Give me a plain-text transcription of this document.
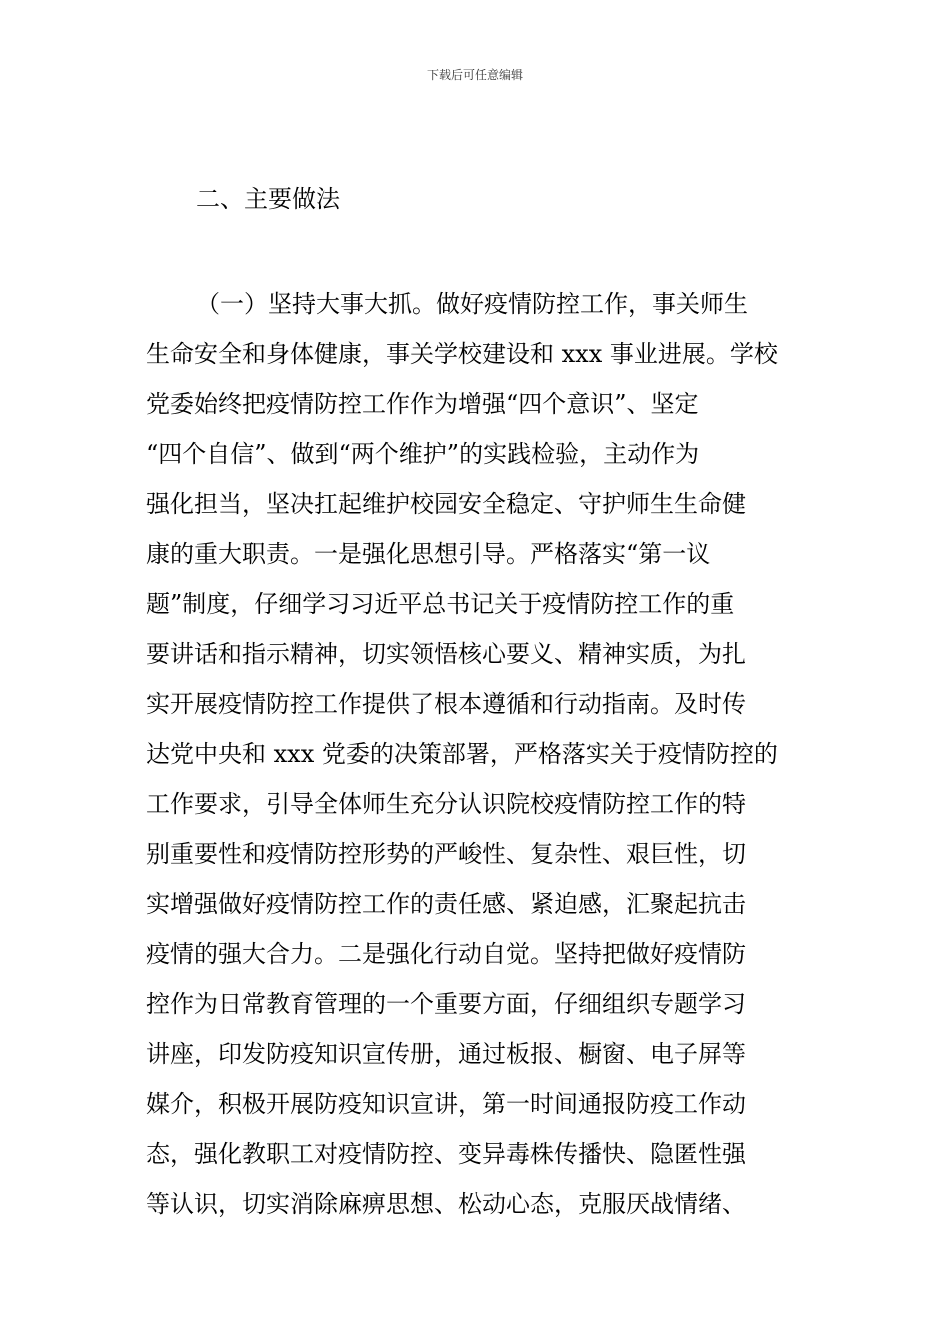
下载后可任意编辑
二、主要做法
（一）坚持大事大抓。做好疫情防控工作，事关师生
生命安全和身体健康，事关学校建设和 xxx 事业进展。学校
党委始终把疫情防控工作作为增强“四个意识”、坚定
“四个自信”、做到“两个维护”的实践检验，主动作为
强化担当，坚决扛起维护校园安全稳定、守护师生生命健
康的重大职责。一是强化思想引导。严格落实“第一议
题”制度，仔细学习习近平总书记关于疫情防控工作的重
要讲话和指示精神，切实领悟核心要义、精神实质，为扎
实开展疫情防控工作提供了根本遵循和行动指南。及时传
达党中央和 xxx 党委的决策部署，严格落实关于疫情防控的
工作要求，引导全体师生充分认识院校疫情防控工作的特
别重要性和疫情防控形势的严峻性、复杂性、艰巨性，切
实增强做好疫情防控工作的责任感、紧迫感，汇聚起抗击
疫情的强大合力。二是强化行动自觉。坚持把做好疫情防
控作为日常教育管理的一个重要方面，仔细组织专题学习
讲座，印发防疫知识宣传册，通过板报、橱窗、电子屏等
媒介，积极开展防疫知识宣讲，第一时间通报防疫工作动
态，强化教职工对疫情防控、变异毒株传播快、隐匿性强
等认识，切实消除麻痹思想、松动心态，克服厌战情绪、
